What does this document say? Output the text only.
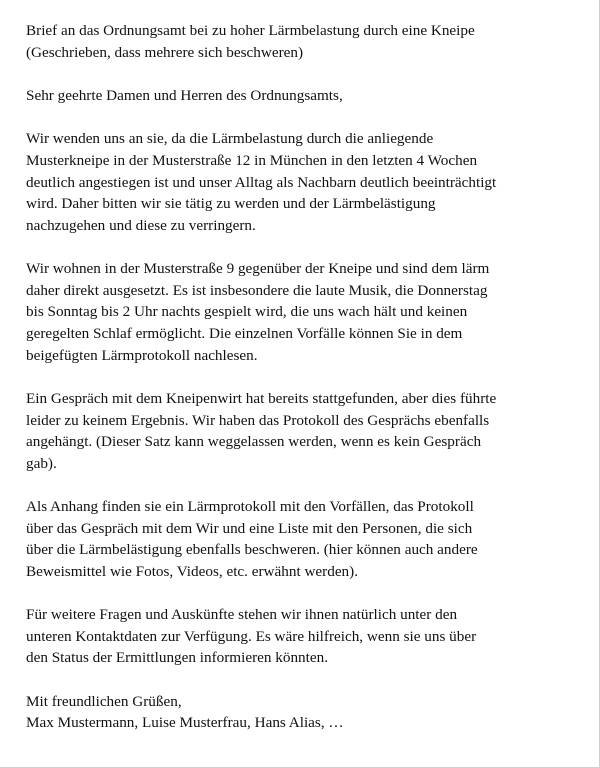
Brief an das Ordnungsamt bei zu hoher Lärmbelastung durch eine Kneipe
(Geschrieben, dass mehrere sich beschweren)

Sehr geehrte Damen und Herren des Ordnungsamts,

Wir wenden uns an sie, da die Lärmbelastung durch die anliegende
Musterkneipe in der Musterstraße 12 in München in den letzten 4 Wochen
deutlich angestiegen ist und unser Alltag als Nachbarn deutlich beeinträchtigt
wird. Daher bitten wir sie tätig zu werden und der Lärmbelästigung
nachzugehen und diese zu verringern.

Wir wohnen in der Musterstraße 9 gegenüber der Kneipe und sind dem lärm
daher direkt ausgesetzt. Es ist insbesondere die laute Musik, die Donnerstag
bis Sonntag bis 2 Uhr nachts gespielt wird, die uns wach hält und keinen
geregelten Schlaf ermöglicht. Die einzelnen Vorfälle können Sie in dem
beigefügten Lärmprotokoll nachlesen.

Ein Gespräch mit dem Kneipenwirt hat bereits stattgefunden, aber dies führte
leider zu keinem Ergebnis. Wir haben das Protokoll des Gesprächs ebenfalls
angehängt. (Dieser Satz kann weggelassen werden, wenn es kein Gespräch
gab).

Als Anhang finden sie ein Lärmprotokoll mit den Vorfällen, das Protokoll
über das Gespräch mit dem Wir und eine Liste mit den Personen, die sich
über die Lärmbelästigung ebenfalls beschweren. (hier können auch andere
Beweismittel wie Fotos, Videos, etc. erwähnt werden).

Für weitere Fragen und Auskünfte stehen wir ihnen natürlich unter den
unteren Kontaktdaten zur Verfügung. Es wäre hilfreich, wenn sie uns über
den Status der Ermittlungen informieren könnten.

Mit freundlichen Grüßen,
Max Mustermann, Luise Musterfrau, Hans Alias, …
